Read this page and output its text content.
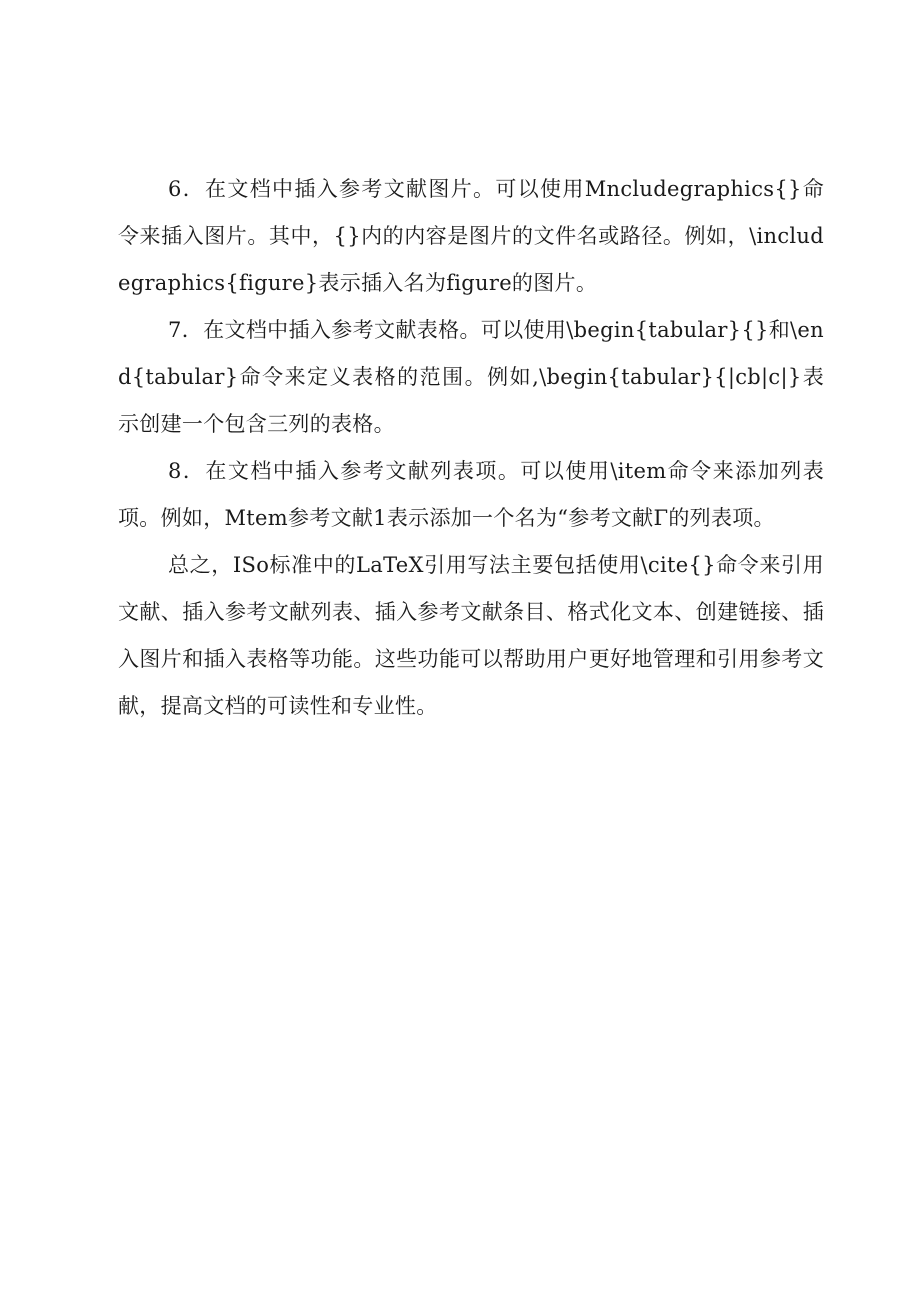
6．在文档中插入参考文献图片。可以使用Mncludegraphics{}命令来插入图片。其中，{}内的内容是图片的文件名或路径。例如，\includegraphics{figure}表示插入名为figure的图片。

7．在文档中插入参考文献表格。可以使用\begin{tabular}{}和\end{tabular}命令来定义表格的范围。例如,\begin{tabular}{|cb|c|}表示创建一个包含三列的表格。

8．在文档中插入参考文献列表项。可以使用\item命令来添加列表项。例如，Mtem参考文献1表示添加一个名为“参考文献Γ的列表项。

总之，ISo标准中的LaTeX引用写法主要包括使用\cite{}命令来引用文献、插入参考文献列表、插入参考文献条目、格式化文本、创建链接、插入图片和插入表格等功能。这些功能可以帮助用户更好地管理和引用参考文献，提高文档的可读性和专业性。
